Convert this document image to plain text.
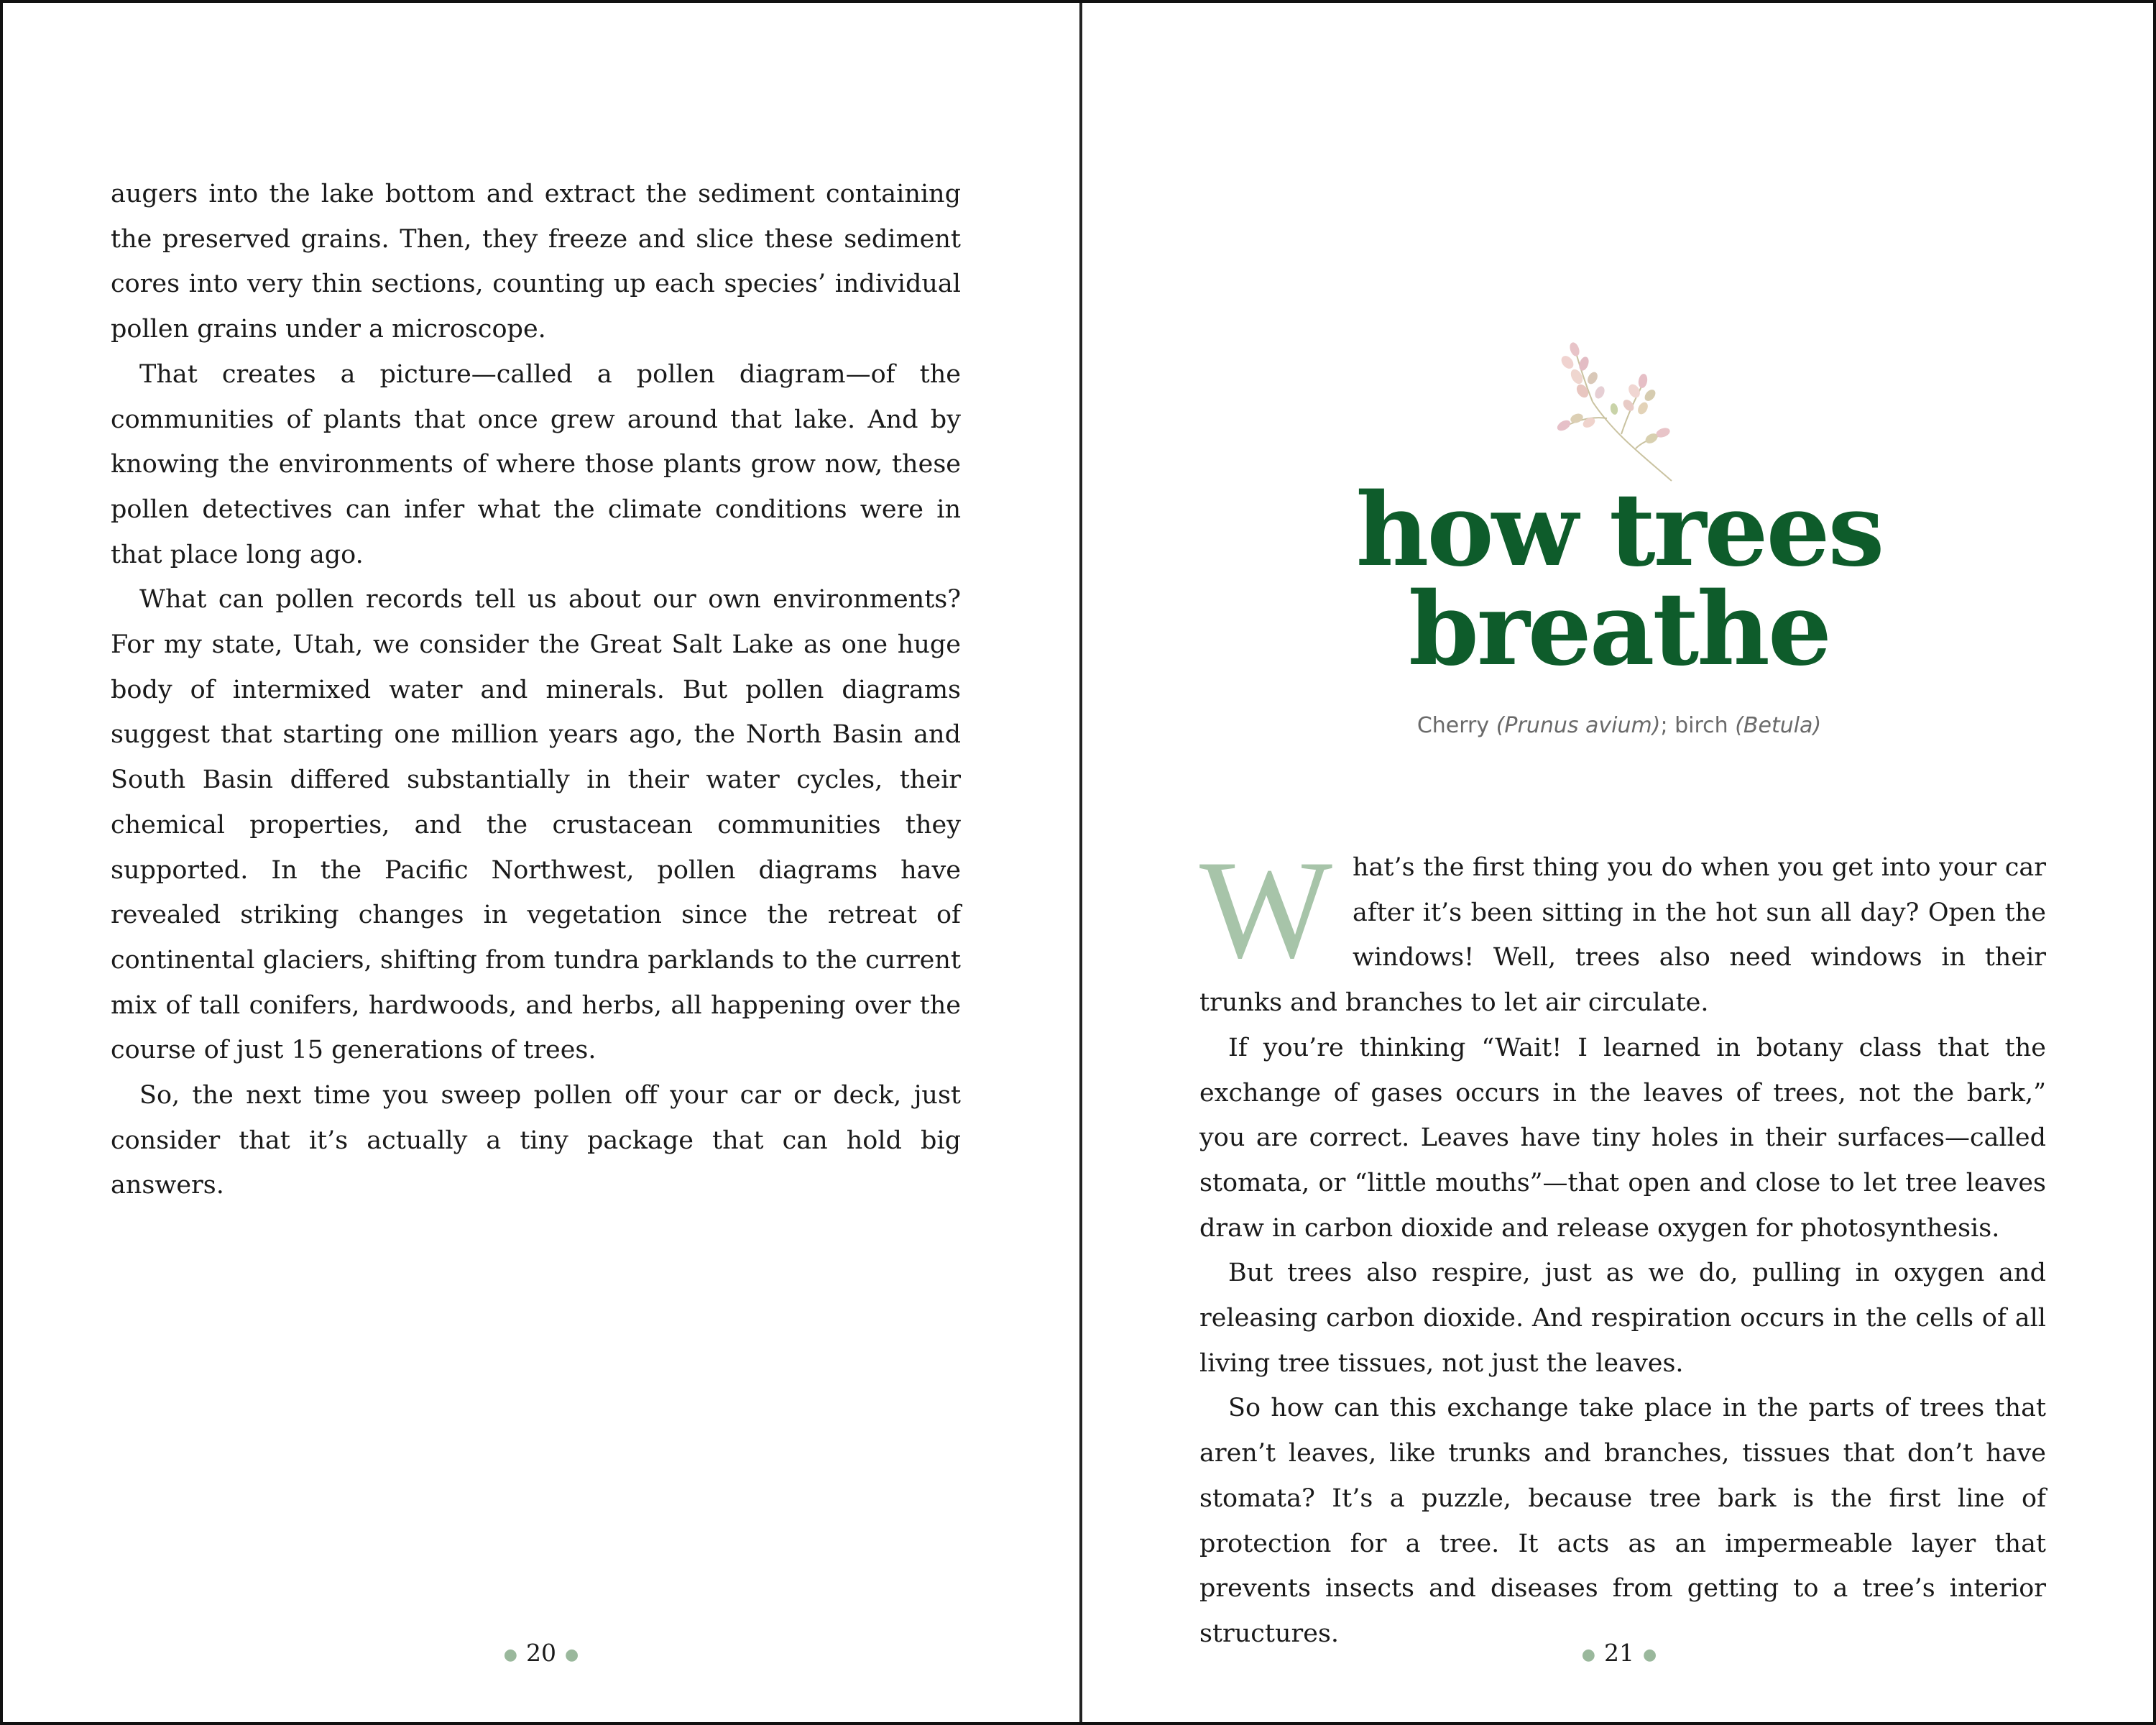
augers into the lake bottom and extract the sediment containing the preserved grains. Then, they freeze and slice these sediment cores into very thin sections, counting up each species’ individual pollen grains under a microscope.

That creates a picture—called a pollen diagram—of the communities of plants that once grew around that lake. And by knowing the environments of where those plants grow now, these pollen detectives can infer what the climate conditions were in that place long ago.

What can pollen records tell us about our own environments? For my state, Utah, we consider the Great Salt Lake as one huge body of intermixed water and minerals. But pollen diagrams suggest that starting one million years ago, the North Basin and South Basin differed substantially in their water cycles, their chemical properties, and the crustacean communities they supported. In the Pacific Northwest, pollen diagrams have revealed striking changes in vegetation since the retreat of continental glaciers, shifting from tundra parklands to the current mix of tall conifers, hardwoods, and herbs, all happening over the course of just 15 generations of trees.

So, the next time you sweep pollen off your car or deck, just consider that it’s actually a tiny package that can hold big answers.

● 20 ●
how trees
breathe
Cherry (Prunus avium); birch (Betula)

What’s the first thing you do when you get into your car after it’s been sitting in the hot sun all day? Open the windows! Well, trees also need windows in their trunks and branches to let air circulate.

If you’re thinking “Wait! I learned in botany class that the exchange of gases occurs in the leaves of trees, not the bark,” you are correct. Leaves have tiny holes in their surfaces—called stomata, or “little mouths”—that open and close to let tree leaves draw in carbon dioxide and release oxygen for photosynthesis.

But trees also respire, just as we do, pulling in oxygen and releasing carbon dioxide. And respiration occurs in the cells of all living tree tissues, not just the leaves.

So how can this exchange take place in the parts of trees that aren’t leaves, like trunks and branches, tissues that don’t have stomata? It’s a puzzle, because tree bark is the first line of protection for a tree. It acts as an impermeable layer that prevents insects and diseases from getting to a tree’s interior structures.

● 21 ●
